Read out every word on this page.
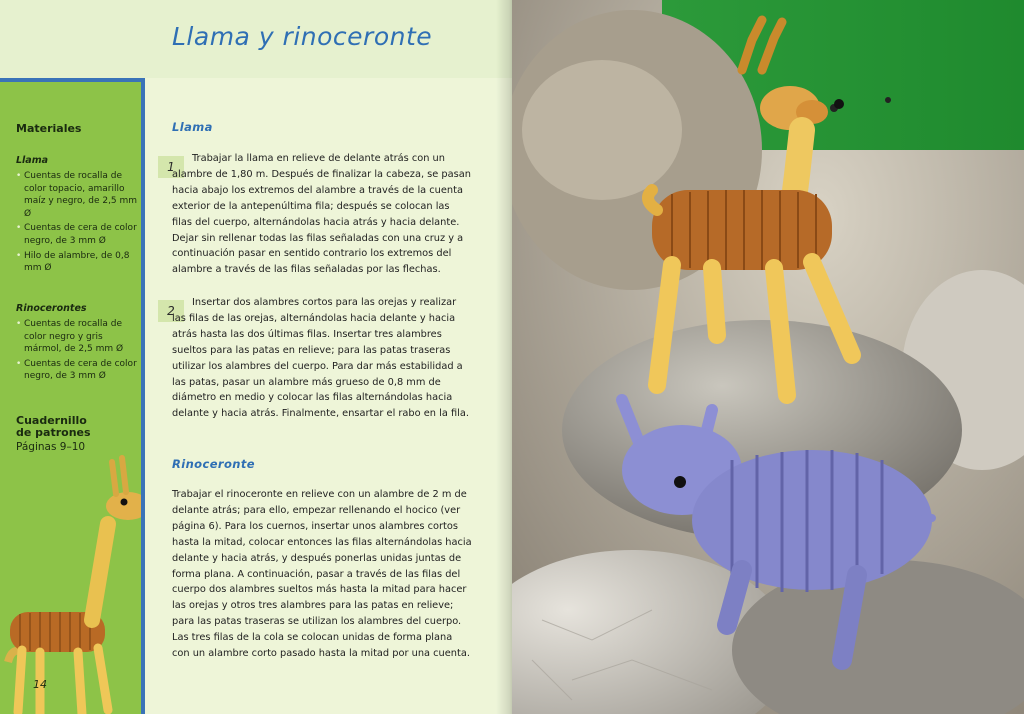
Llama y rinoceronte
Materiales
Llama
• Cuentas de rocalla de color topacio, amarillo maíz y negro, de 2,5 mm Ø
• Cuentas de cera de color negro, de 3 mm Ø
• Hilo de alambre, de 0,8 mm Ø
Rinocerontes
• Cuentas de rocalla de color negro y gris mármol, de 2,5 mm Ø
• Cuentas de cera de color negro, de 3 mm Ø
Cuadernillo
de patrones
Páginas 9–10
14
Llama
1

Trabajar la llama en relieve de delante atrás con un alambre de 1,80 m. Después de finalizar la cabeza, se pasan hacia abajo los extremos del alambre a través de la cuenta exterior de la antepenúltima fila; después se colocan las filas del cuerpo, alternándolas hacia atrás y hacia delante. Dejar sin rellenar todas las filas señaladas con una cruz y a continuación pasar en sentido contrario los extremos del alambre a través de las filas señaladas por las flechas.

2

Insertar dos alambres cortos para las orejas y realizar las filas de las orejas, alternándolas hacia delante y hacia atrás hasta las dos últimas filas. Insertar tres alambres sueltos para las patas en relieve; para las patas traseras utilizar los alambres del cuerpo. Para dar más estabilidad a las patas, pasar un alambre más grueso de 0,8 mm de diámetro en medio y colocar las filas alternándolas hacia delante y hacia atrás. Finalmente, ensartar el rabo en la fila.

Rinoceronte

Trabajar el rinoceronte en relieve con un alambre de 2 m de delante atrás; para ello, empezar rellenando el hocico (ver página 6). Para los cuernos, insertar unos alambres cortos hasta la mitad, colocar entonces las filas alternándolas hacia delante y hacia atrás, y después ponerlas unidas juntas de forma plana. A continuación, pasar a través de las filas del cuerpo dos alambres sueltos más hasta la mitad para hacer las orejas y otros tres alambres para las patas en relieve; para las patas traseras se utilizan los alambres del cuerpo. Las tres filas de la cola se colocan unidas de forma plana con un alambre corto pasado hasta la mitad por una cuenta.
